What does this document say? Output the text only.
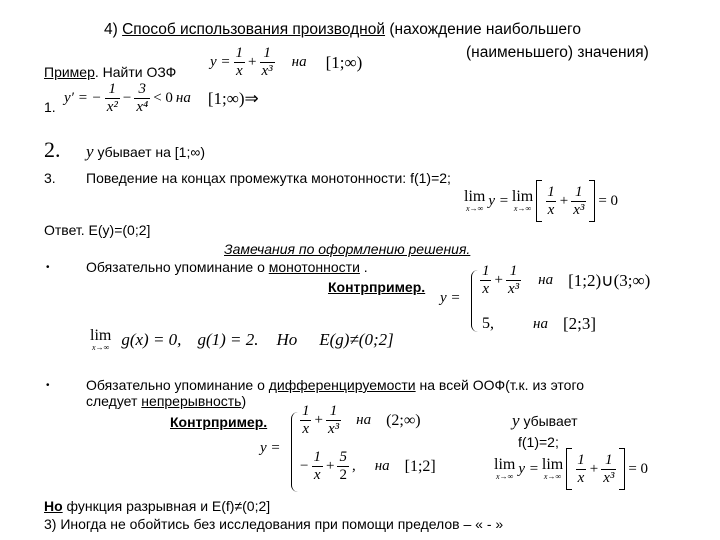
4) Способ использования производной (нахождение наибольшего
(наименьшего) значения)
Пример. Найти ОЗФ
$y = \frac{1}{x} + \frac{1}{\text{x³}}$ на [1;∞)
1.
y′ = − $\frac{1}{\text{x²}} - \frac{3}{\text{x⁴}} < 0$ на [1;∞)⇒
2. y убывает на [1;∞)
3. Поведение на концах промежутка монотонности: f(1)=2;
lim
x→∞ y = lim
$x\to\infty \frac{1}{x} + \frac{1}{\text{x³}} = 0$
Ответ. E(y)=(0;2]
Замечания по оформлению решения.
•	Обязательно упоминание о монотонности .
Контрпример.
y =
$\frac{1}{x} + \frac{1}{\text{x³}}$ на [1;2)∪(3;∞)
5,	на [2;3]
lim
x→∞ g(x) = 0, g(1) = 2. Но E(g)≠(0;2]
•	Обязательно упоминание о дифференцируемости на всей ООФ(т.к. из этого
следует непрерывность)
Контрпример.
y =
$\frac{1}{x} + \frac{1}{\text{x³}}$ на (2;∞)
− $\frac{1}{x} + \frac{5}{2}$ , на [1;2]
y убывает
f(1)=2;
lim
x→∞ y = lim
$x\to\infty \frac{1}{x} + \frac{1}{\text{x³}} = 0$
Но функция разрывная и E(f)≠(0;2]
3) Иногда не обойтись без исследования при помощи пределов – « - »
